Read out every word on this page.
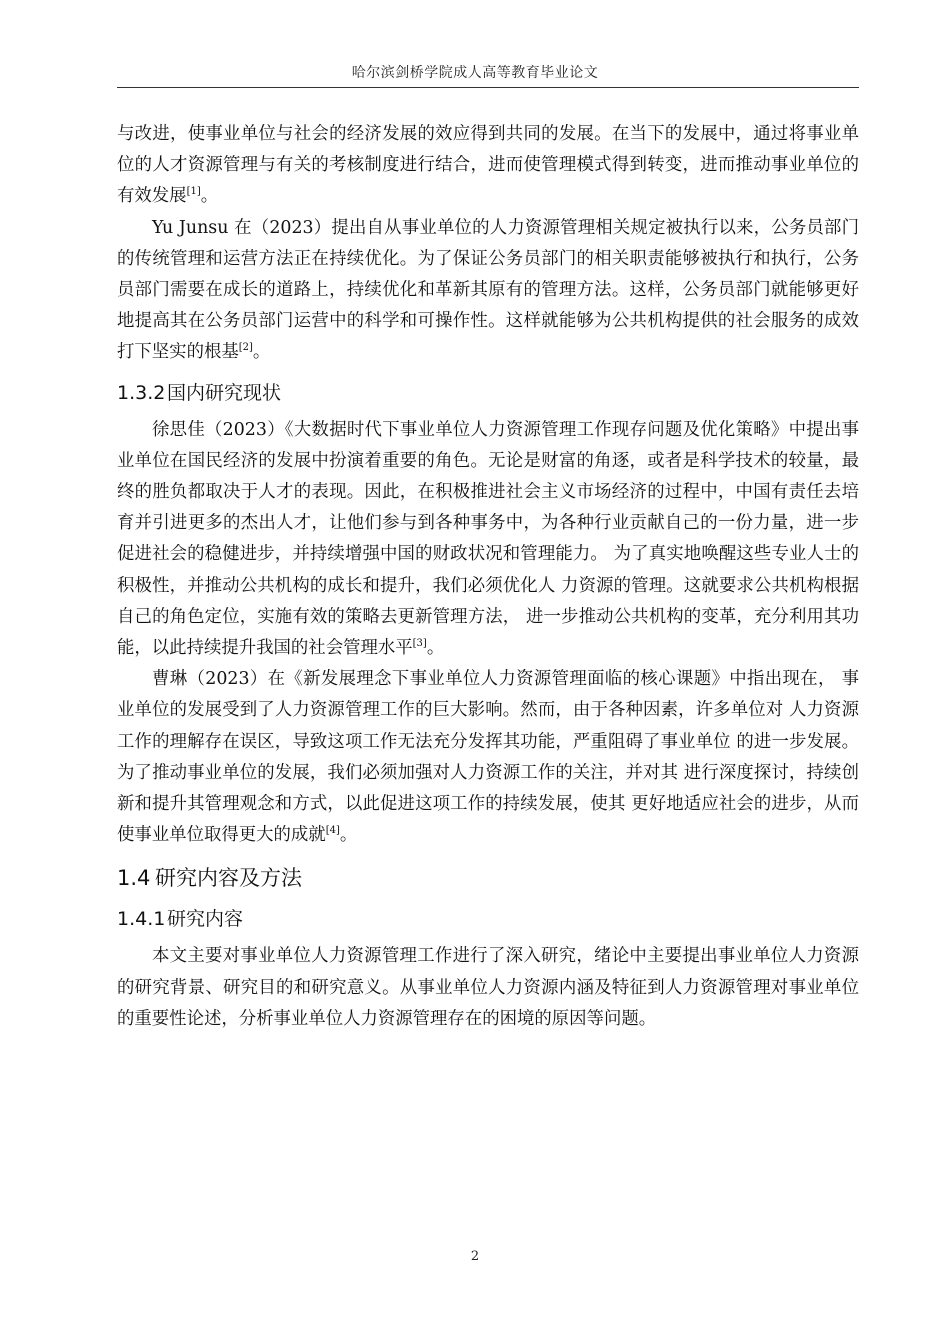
哈尔滨剑桥学院成人高等教育毕业论文

与改进，使事业单位与社会的经济发展的效应得到共同的发展。在当下的发展中，通过将事业单位的人才资源管理与有关的考核制度进行结合，进而使管理模式得到转变，进而推动事业单位的有效发展[1]。

Yu Junsu 在（2023）提出自从事业单位的人力资源管理相关规定被执行以来，公务员部门的传统管理和运营方法正在持续优化。为了保证公务员部门的相关职责能够被执行和执行，公务员部门需要在成长的道路上，持续优化和革新其原有的管理方法。这样，公务员部门就能够更好地提高其在公务员部门运营中的科学和可操作性。这样就能够为公共机构提供的社会服务的成效打下坚实的根基[2]。

1.3.2国内研究现状

徐思佳（2023）《大数据时代下事业单位人力资源管理工作现存问题及优化策略》中提出事业单位在国民经济的发展中扮演着重要的角色。无论是财富的角逐，或者是科学技术的较量，最终的胜负都取决于人才的表现。因此，在积极推进社会主义市场经济的过程中，中国有责任去培育并引进更多的杰出人才，让他们参与到各种事务中，为各种行业贡献自己的一份力量，进一步促进社会的稳健进步，并持续增强中国的财政状况和管理能力。 为了真实地唤醒这些专业人士的积极性，并推动公共机构的成长和提升，我们必须优化人 力资源的管理。这就要求公共机构根据自己的角色定位，实施有效的策略去更新管理方法， 进一步推动公共机构的变革，充分利用其功能，以此持续提升我国的社会管理水平[3]。

曹琳（2023）在《新发展理念下事业单位人力资源管理面临的核心课题》中指出现在， 事业单位的发展受到了人力资源管理工作的巨大影响。然而，由于各种因素，许多单位对 人力资源工作的理解存在误区，导致这项工作无法充分发挥其功能，严重阻碍了事业单位 的进一步发展。为了推动事业单位的发展，我们必须加强对人力资源工作的关注，并对其 进行深度探讨，持续创新和提升其管理观念和方式，以此促进这项工作的持续发展，使其 更好地适应社会的进步，从而使事业单位取得更大的成就[4]。

1.4 研究内容及方法
1.4.1研究内容

本文主要对事业单位人力资源管理工作进行了深入研究，绪论中主要提出事业单位人力资源的研究背景、研究目的和研究意义。从事业单位人力资源内涵及特征到人力资源管理对事业单位的重要性论述，分析事业单位人力资源管理存在的困境的原因等问题。

2
